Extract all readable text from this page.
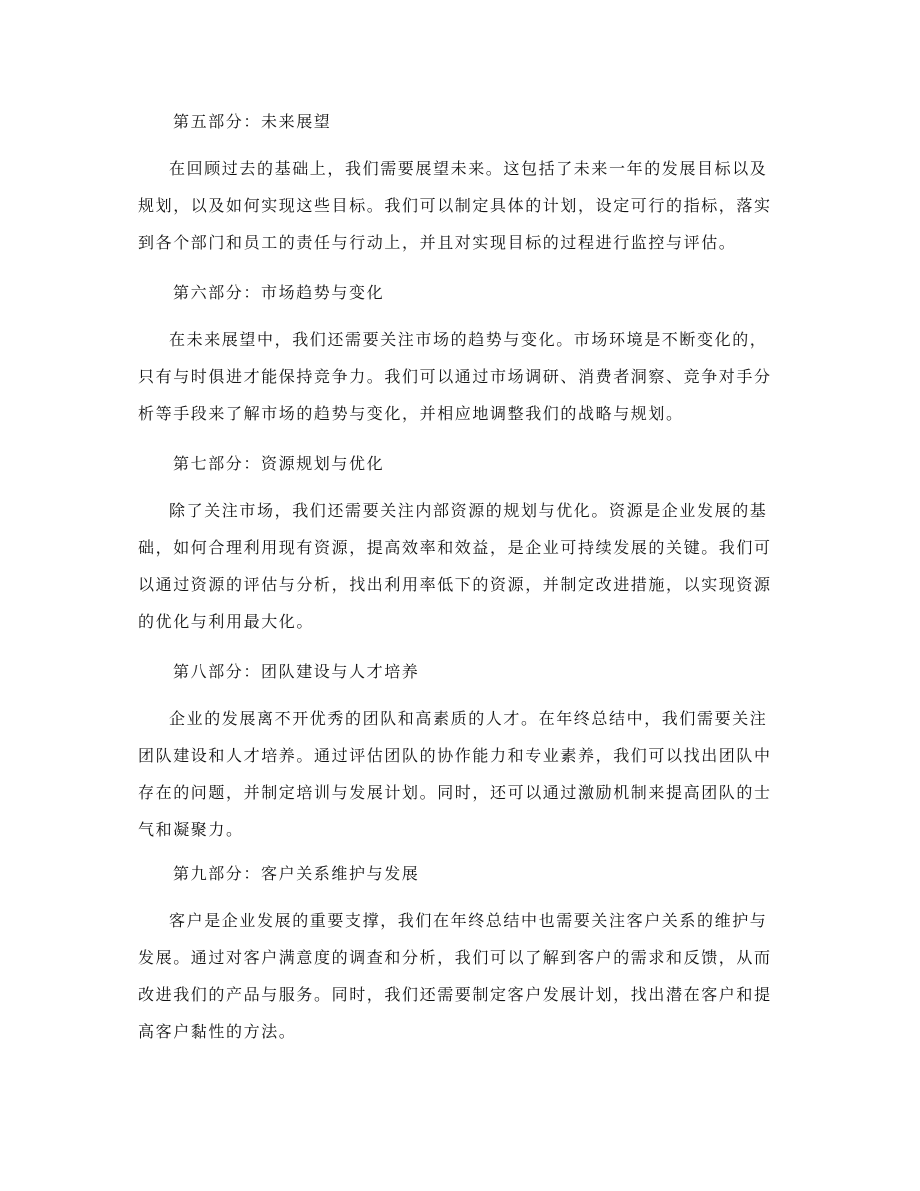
第五部分：未来展望
在回顾过去的基础上，我们需要展望未来。这包括了未来一年的发展目标以及
规划，以及如何实现这些目标。我们可以制定具体的计划，设定可行的指标，落实
到各个部门和员工的责任与行动上，并且对实现目标的过程进行监控与评估。
第六部分：市场趋势与变化
在未来展望中，我们还需要关注市场的趋势与变化。市场环境是不断变化的，
只有与时俱进才能保持竞争力。我们可以通过市场调研、消费者洞察、竞争对手分
析等手段来了解市场的趋势与变化，并相应地调整我们的战略与规划。
第七部分：资源规划与优化
除了关注市场，我们还需要关注内部资源的规划与优化。资源是企业发展的基
础，如何合理利用现有资源，提高效率和效益，是企业可持续发展的关键。我们可
以通过资源的评估与分析，找出利用率低下的资源，并制定改进措施，以实现资源
的优化与利用最大化。
第八部分：团队建设与人才培养
企业的发展离不开优秀的团队和高素质的人才。在年终总结中，我们需要关注
团队建设和人才培养。通过评估团队的协作能力和专业素养，我们可以找出团队中
存在的问题，并制定培训与发展计划。同时，还可以通过激励机制来提高团队的士
气和凝聚力。
第九部分：客户关系维护与发展
客户是企业发展的重要支撑，我们在年终总结中也需要关注客户关系的维护与
发展。通过对客户满意度的调查和分析，我们可以了解到客户的需求和反馈，从而
改进我们的产品与服务。同时，我们还需要制定客户发展计划，找出潜在客户和提
高客户黏性的方法。
